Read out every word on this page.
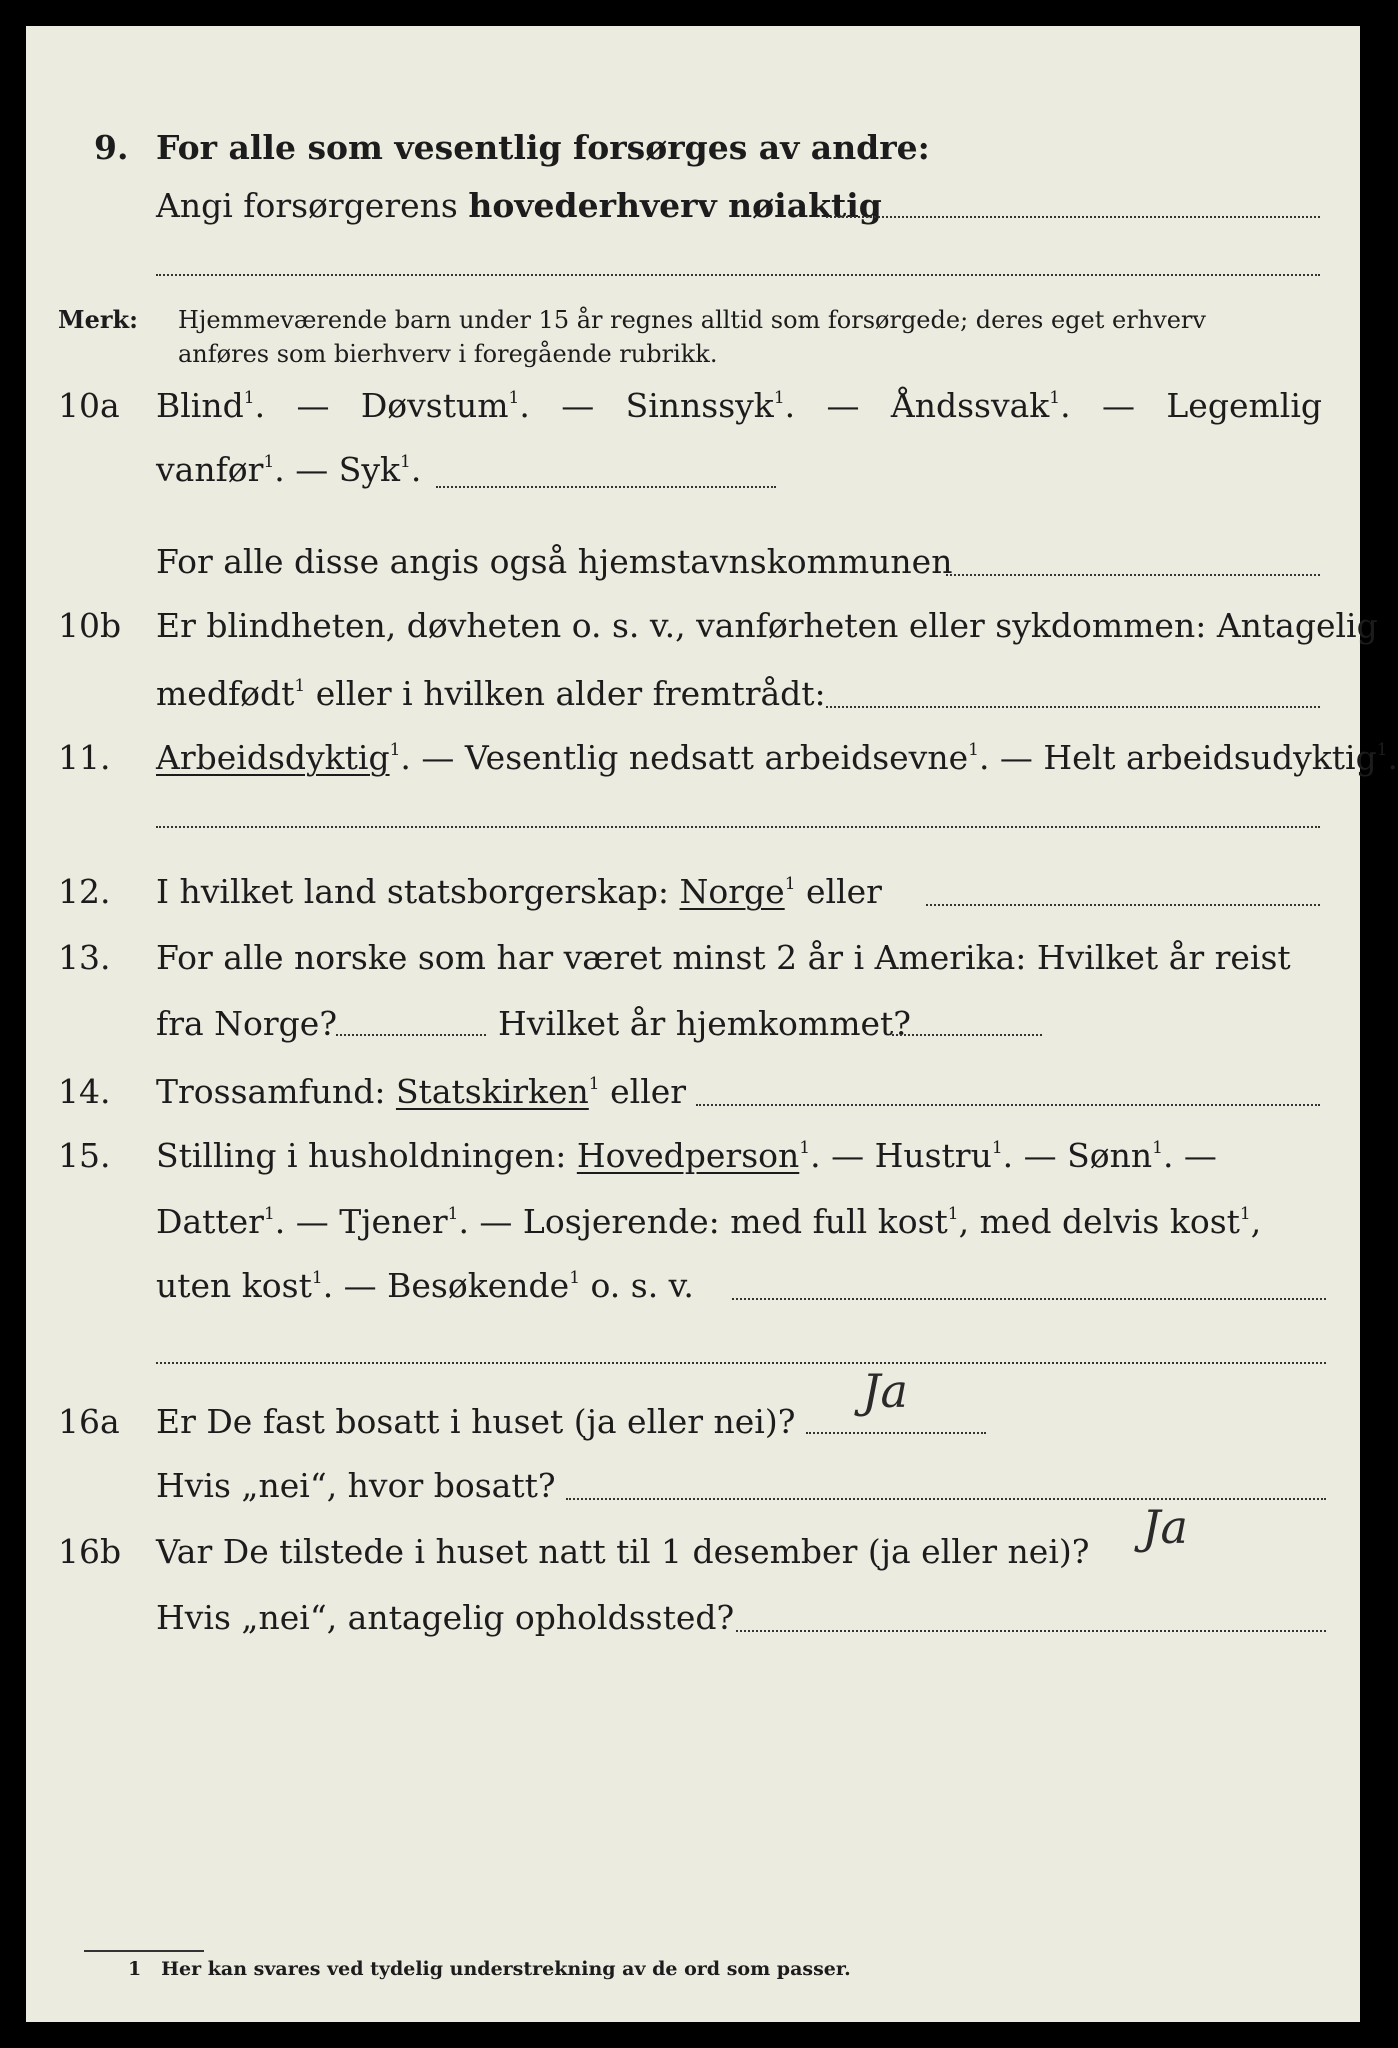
9. For alle som vesentlig forsørges av andre:
Angi forsørgerens hovederhverv nøiaktig
Merk: Hjemmeværende barn under 15 år regnes alltid som forsørgede; deres eget erhverv
anføres som bierhverv i foregående rubrikk.
10a Blind$^1$. — Døvstum$^1$. — Sinnssyk$^1$. — Åndssvak$^1$. — Legemlig
vanfør$^1$. — Syk$^1$.
For alle disse angis også hjemstavnskommunen
10b Er blindheten, døvheten o. s. v., vanførheten eller sykdommen: Antagelig
medfødt$^1$ eller i hvilken alder fremtrådt:
11. Arbeidsdyktig$^1$. — Vesentlig nedsatt arbeidsevne$^1$. — Helt arbeidsudyktig$^1$.
12. I hvilket land statsborgerskap: Norge$^1$ eller
13. For alle norske som har været minst 2 år i Amerika: Hvilket år reist
fra Norge?	Hvilket år hjemkommet?
14. Trossamfund: Statskirken$^1$ eller
15. Stilling i husholdningen: Hovedperson$^1$. — Hustru$^1$. — Sønn$^1$. —
Datter$^1$. — Tjener$^1$. — Losjerende: med full kost$^1$, med delvis kost$^1$,
uten kost$^1$. — Besøkende$^1$ o. s. v.
16a Er De fast bosatt i huset (ja eller nei)?
Ja
Hvis „nei“, hvor bosatt?
16b Var De tilstede i huset natt til 1 desember (ja eller nei)? Ja
Hvis „nei“, antagelig opholdssted?
1 Her kan svares ved tydelig understrekning av de ord som passer.
